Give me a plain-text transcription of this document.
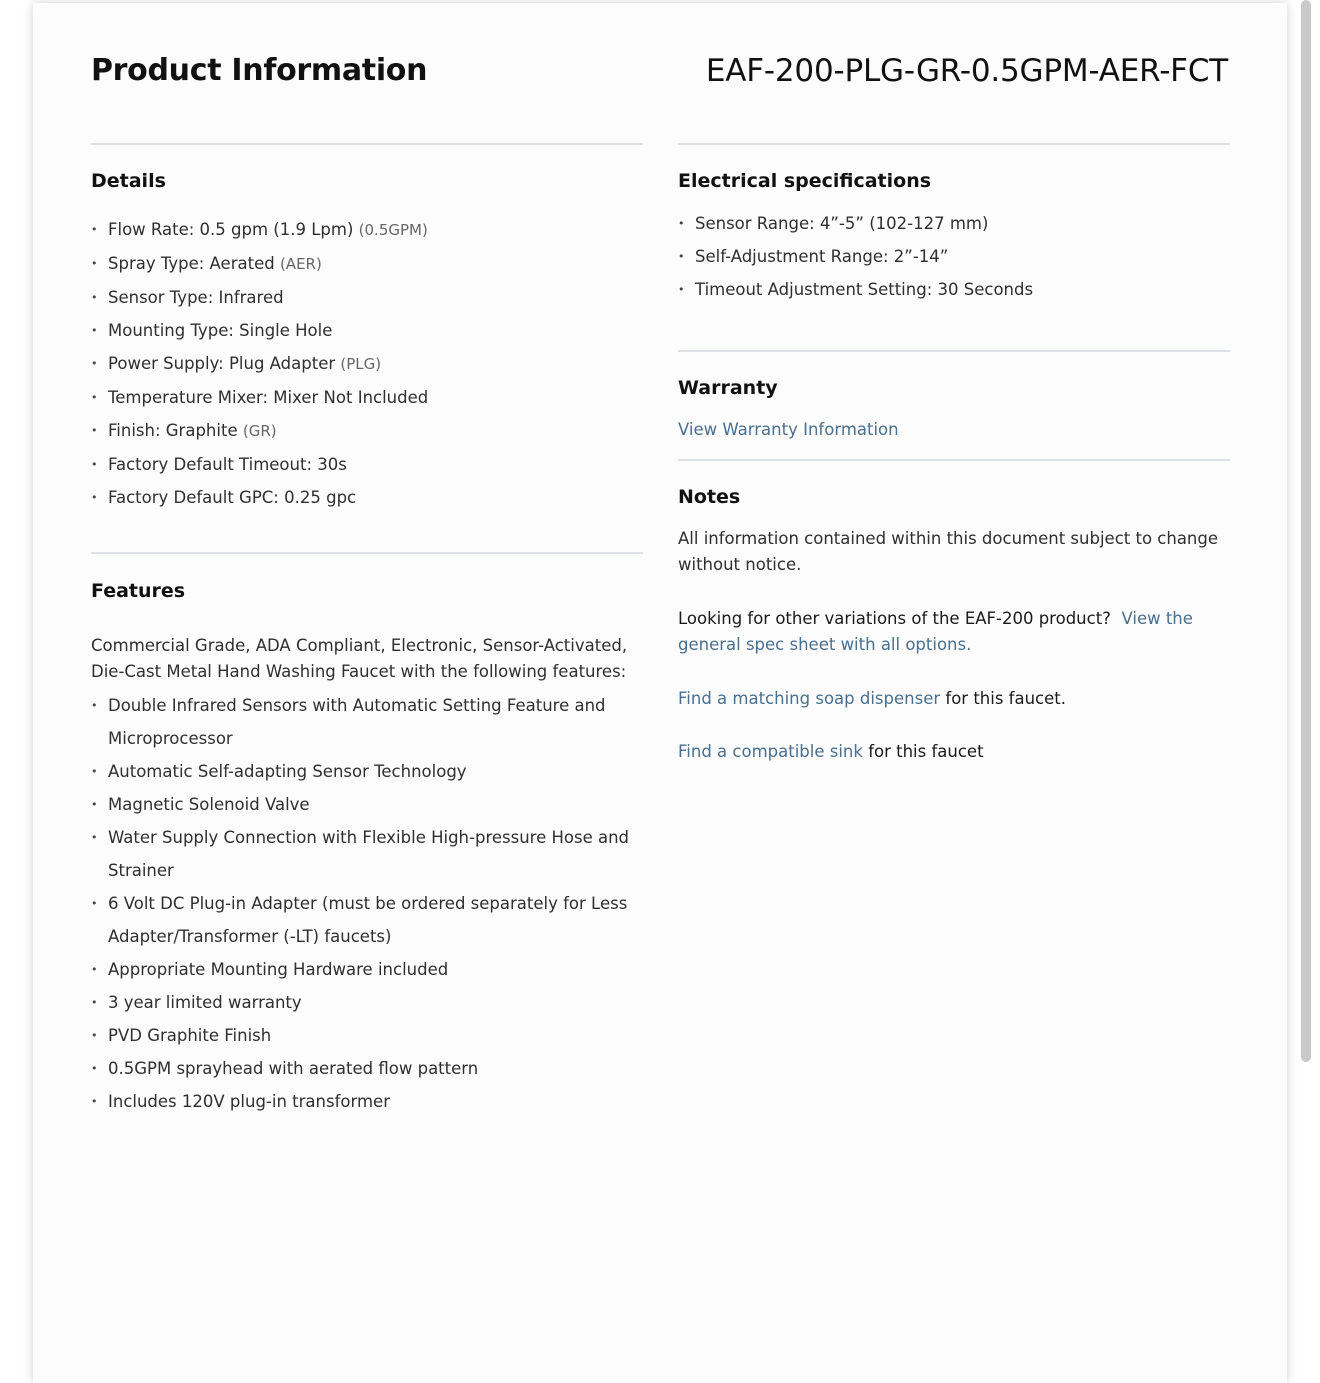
Product Information	EAF-200-PLG-GR-0.5GPM-AER-FCT
Details
• Flow Rate: 0.5 gpm (1.9 Lpm) (0.5GPM)
• Spray Type: Aerated (AER)
• Sensor Type: Infrared
• Mounting Type: Single Hole
• Power Supply: Plug Adapter (PLG)
• Temperature Mixer: Mixer Not Included
• Finish: Graphite (GR)
• Factory Default Timeout: 30s
• Factory Default GPC: 0.25 gpc
Features
Commercial Grade, ADA Compliant, Electronic, Sensor-Activated, Die-Cast Metal Hand Washing Faucet with the following features:
• Double Infrared Sensors with Automatic Setting Feature and Microprocessor
• Automatic Self-adapting Sensor Technology
• Magnetic Solenoid Valve
• Water Supply Connection with Flexible High-pressure Hose and Strainer
• 6 Volt DC Plug-in Adapter (must be ordered separately for Less Adapter/Transformer (-LT) faucets)
• Appropriate Mounting Hardware included
• 3 year limited warranty
• PVD Graphite Finish
• 0.5GPM sprayhead with aerated flow pattern
• Includes 120V plug-in transformer
Electrical specifications
• Sensor Range: 4”-5” (102-127 mm)
• Self-Adjustment Range: 2”-14”
• Timeout Adjustment Setting: 30 Seconds
Warranty
View Warranty Information
Notes
All information contained within this document subject to change without notice.
Looking for other variations of the EAF-200 product? View the general spec sheet with all options.
Find a matching soap dispenser for this faucet.
Find a compatible sink for this faucet
